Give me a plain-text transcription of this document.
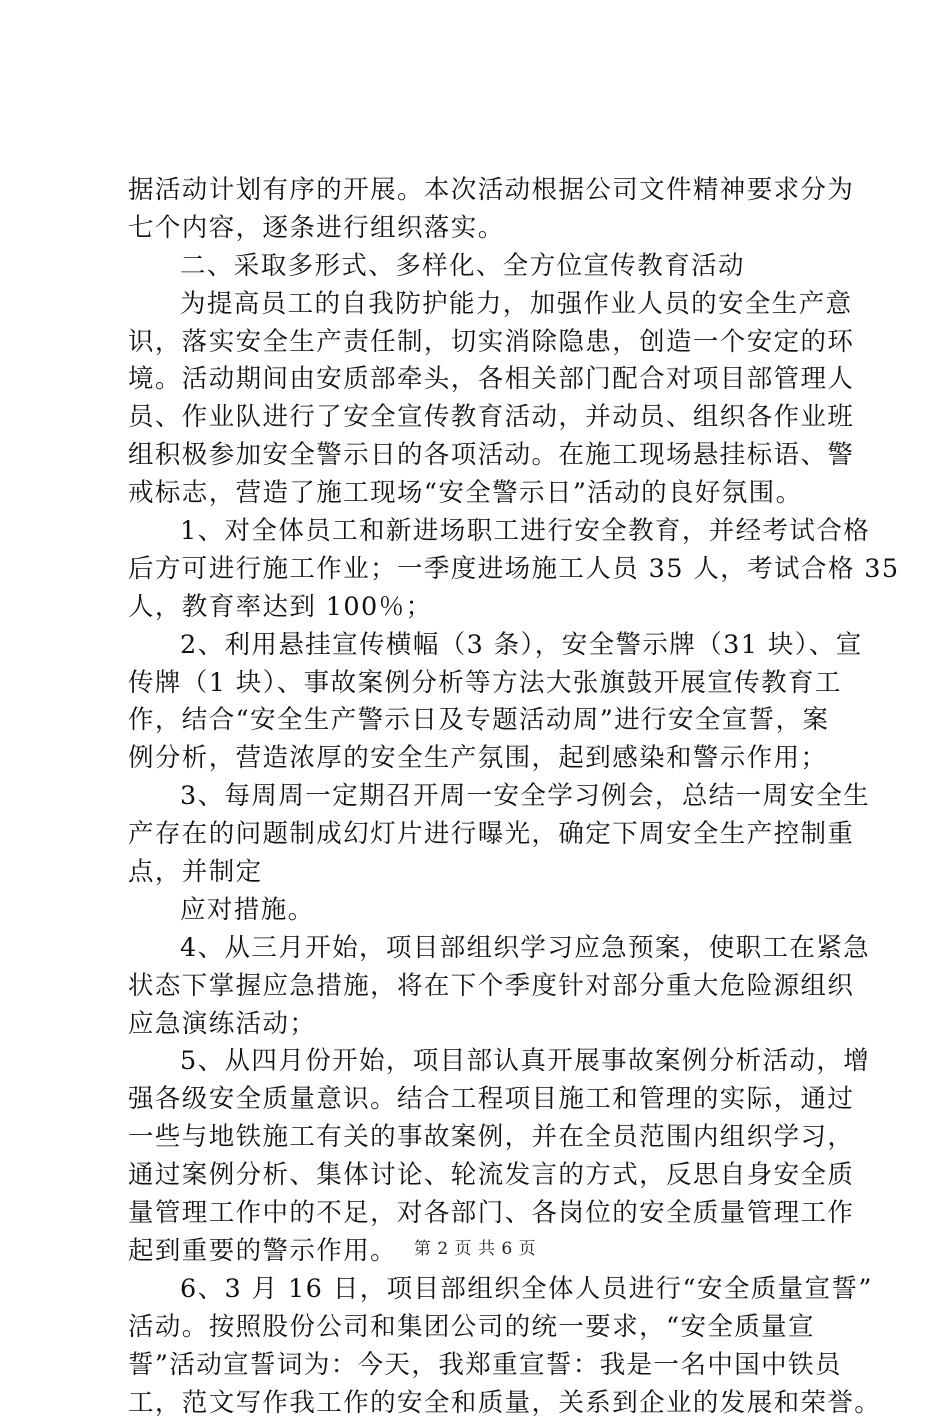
据活动计划有序的开展。本次活动根据公司文件精神要求分为
七个内容，逐条进行组织落实。
二、采取多形式、多样化、全方位宣传教育活动
为提高员工的自我防护能力，加强作业人员的安全生产意
识，落实安全生产责任制，切实消除隐患，创造一个安定的环
境。活动期间由安质部牵头，各相关部门配合对项目部管理人
员、作业队进行了安全宣传教育活动，并动员、组织各作业班
组积极参加安全警示日的各项活动。在施工现场悬挂标语、警
戒标志，营造了施工现场“安全警示日”活动的良好氛围。
1、对全体员工和新进场职工进行安全教育，并经考试合格
后方可进行施工作业；一季度进场施工人员 35 人，考试合格 35
人，教育率达到 100％；
2、利用悬挂宣传横幅（3 条），安全警示牌（31 块）、宣
传牌（1 块）、事故案例分析等方法大张旗鼓开展宣传教育工
作，结合“安全生产警示日及专题活动周”进行安全宣誓，案
例分析，营造浓厚的安全生产氛围，起到感染和警示作用；
3、每周周一定期召开周一安全学习例会，总结一周安全生
产存在的问题制成幻灯片进行曝光，确定下周安全生产控制重
点，并制定
应对措施。
4、从三月开始，项目部组织学习应急预案，使职工在紧急
状态下掌握应急措施，将在下个季度针对部分重大危险源组织
应急演练活动；
5、从四月份开始，项目部认真开展事故案例分析活动，增
强各级安全质量意识。结合工程项目施工和管理的实际，通过
一些与地铁施工有关的事故案例，并在全员范围内组织学习，
通过案例分析、集体讨论、轮流发言的方式，反思自身安全质
量管理工作中的不足，对各部门、各岗位的安全质量管理工作
起到重要的警示作用。
6、3 月 16 日，项目部组织全体人员进行“安全质量宣誓”
活动。按照股份公司和集团公司的统一要求，“安全质量宣
誓”活动宣誓词为：今天，我郑重宣誓：我是一名中国中铁员
工，范文写作我工作的安全和质量，关系到企业的发展和荣誉。
第 2 页 共 6 页
